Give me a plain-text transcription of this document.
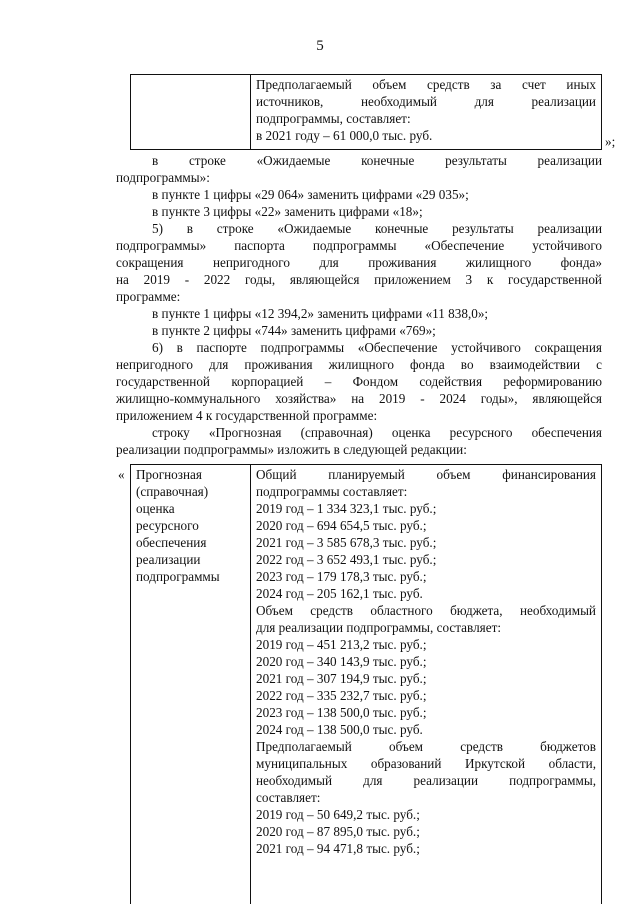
5
Предполагаемый объем средств за счет иных
источников, необходимый для реализации
подпрограммы, составляет:
в 2021 году – 61 000,0 тыс. руб.	»;
в строке «Ожидаемые конечные результаты реализации
подпрограммы»:
в пункте 1 цифры «29 064» заменить цифрами «29 035»;
в пункте 3 цифры «22» заменить цифрами «18»;
5) в строке «Ожидаемые конечные результаты реализации
подпрограммы» паспорта подпрограммы «Обеспечение устойчивого
сокращения непригодного для проживания жилищного фонда»
на 2019 - 2022 годы, являющейся приложением 3 к государственной
программе:
в пункте 1 цифры «12 394,2» заменить цифрами «11 838,0»;
в пункте 2 цифры «744» заменить цифрами «769»;
6) в паспорте подпрограммы «Обеспечение устойчивого сокращения
непригодного для проживания жилищного фонда во взаимодействии с
государственной корпорацией – Фондом содействия реформированию
жилищно-коммунального хозяйства» на 2019 - 2024 годы», являющейся
приложением 4 к государственной программе:
строку «Прогнозная (справочная) оценка ресурсного обеспечения
реализации подпрограммы» изложить в следующей редакции:
« Прогнозная
(справочная)
оценка
ресурсного
обеспечения
реализации
подпрограммы
Общий планируемый объем финансирования
подпрограммы составляет:
2019 год – 1 334 323,1 тыс. руб.;
2020 год – 694 654,5 тыс. руб.;
2021 год – 3 585 678,3 тыс. руб.;
2022 год – 3 652 493,1 тыс. руб.;
2023 год – 179 178,3 тыс. руб.;
2024 год – 205 162,1 тыс. руб.
Объем средств областного бюджета, необходимый
для реализации подпрограммы, составляет:
2019 год – 451 213,2 тыс. руб.;
2020 год – 340 143,9 тыс. руб.;
2021 год – 307 194,9 тыс. руб.;
2022 год – 335 232,7 тыс. руб.;
2023 год – 138 500,0 тыс. руб.;
2024 год – 138 500,0 тыс. руб.
Предполагаемый объем средств бюджетов
муниципальных образований Иркутской области,
необходимый для реализации подпрограммы,
составляет:
2019 год – 50 649,2 тыс. руб.;
2020 год – 87 895,0 тыс. руб.;
2021 год – 94 471,8 тыс. руб.;
